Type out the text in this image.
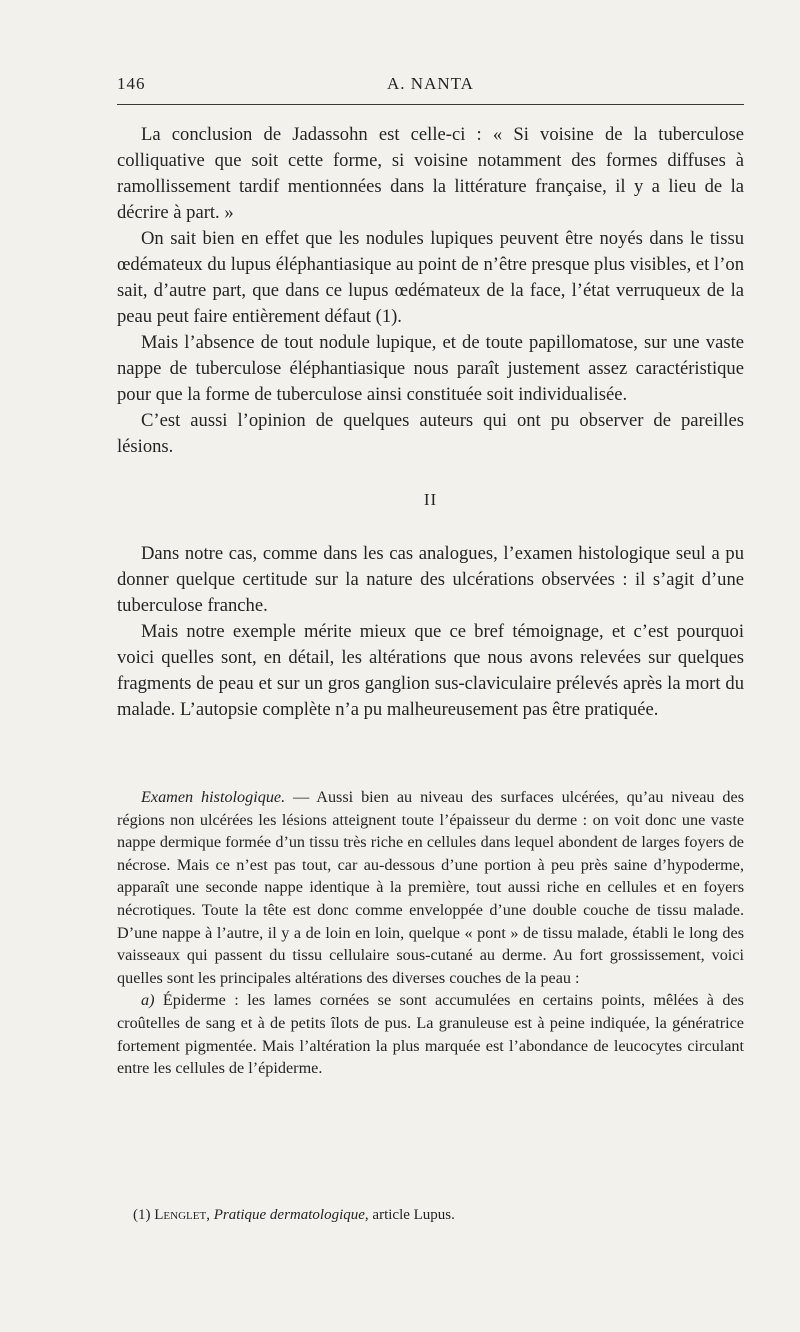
146	A. NANTA

La conclusion de Jadassohn est celle-ci : « Si voisine de la tuberculose colliquative que soit cette forme, si voisine notamment des formes diffuses à ramollissement tardif mentionnées dans la littérature française, il y a lieu de la décrire à part. »

On sait bien en effet que les nodules lupiques peuvent être noyés dans le tissu œdémateux du lupus éléphantiasique au point de n’être presque plus visibles, et l’on sait, d’autre part, que dans ce lupus œdémateux de la face, l’état verruqueux de la peau peut faire entièrement défaut (1).

Mais l’absence de tout nodule lupique, et de toute papillomatose, sur une vaste nappe de tuberculose éléphantiasique nous paraît justement assez caractéristique pour que la forme de tuberculose ainsi constituée soit individualisée.

C’est aussi l’opinion de quelques auteurs qui ont pu observer de pareilles lésions.

II

Dans notre cas, comme dans les cas analogues, l’examen histologique seul a pu donner quelque certitude sur la nature des ulcérations observées : il s’agit d’une tuberculose franche.

Mais notre exemple mérite mieux que ce bref témoignage, et c’est pourquoi voici quelles sont, en détail, les altérations que nous avons relevées sur quelques fragments de peau et sur un gros ganglion sus-claviculaire prélevés après la mort du malade. L’autopsie complète n’a pu malheureusement pas être pratiquée.

Examen histologique. — Aussi bien au niveau des surfaces ulcérées, qu’au niveau des régions non ulcérées les lésions atteignent toute l’épaisseur du derme : on voit donc une vaste nappe dermique formée d’un tissu très riche en cellules dans lequel abondent de larges foyers de nécrose. Mais ce n’est pas tout, car au-dessous d’une portion à peu près saine d’hypoderme, apparaît une seconde nappe identique à la première, tout aussi riche en cellules et en foyers nécrotiques. Toute la tête est donc comme enveloppée d’une double couche de tissu malade. D’une nappe à l’autre, il y a de loin en loin, quelque « pont » de tissu malade, établi le long des vaisseaux qui passent du tissu cellulaire sous-cutané au derme. Au fort grossissement, voici quelles sont les principales altérations des diverses couches de la peau :

a) Épiderme : les lames cornées se sont accumulées en certains points, mêlées à des croûtelles de sang et à de petits îlots de pus. La granuleuse est à peine indiquée, la génératrice fortement pigmentée. Mais l’altération la plus marquée est l’abondance de leucocytes circulant entre les cellules de l’épiderme.

(1) Lenglet, Pratique dermatologique, article Lupus.
